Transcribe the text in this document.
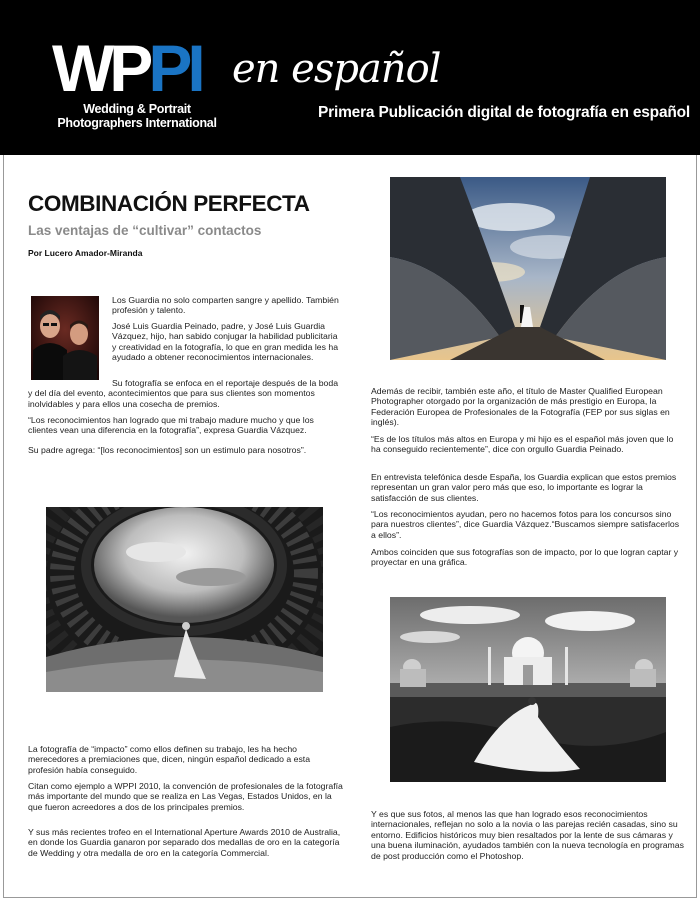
WPPI
Wedding & Portrait
Photographers International
en español
Primera Publicación digital de fotografía en español
COMBINACIÓN PERFECTA
Las ventajas de “cultivar” contactos
Por Lucero Amador-Miranda

Los Guardia no solo comparten sangre y apellido. También profesión y talento.

José Luis Guardia Peinado, padre, y José Luis Guardia Vázquez, hijo, han sabido conjugar la habilidad publicitaria y creatividad en la fotografía, lo que en gran medida les ha ayudado a obtener reconocimientos internacionales.

Su fotografía se enfoca en el reportaje después de la boda y del día del evento, acontecimientos que para sus clientes son momentos inolvidables y para ellos una cosecha de premios.

“Los reconocimientos han logrado que mi trabajo madure mucho y que los clientes vean una diferencia en la fotografía”, expresa Guardia Vázquez.

Su padre agrega: “[los reconocimientos] son un estimulo para nosotros”.

La fotografía de “impacto” como ellos definen su trabajo, les ha hecho merecedores a premiaciones que, dicen, ningún español dedicado a esta profesión había conseguido.

Citan como ejemplo a WPPI 2010, la convención de profesionales de la fotografía más importante del mundo que se realiza en Las Vegas, Estados Unidos, en la que fueron acreedores a dos de los principales premios.

Y sus más recientes trofeo en el International Aperture Awards 2010 de Australia, en donde los Guardia ganaron por separado dos medallas de oro en la categoría de Wedding y otra medalla de oro en la categoría Commercial.

Además de recibir, también este año, el título de Master Qualified European Photographer otorgado por la organización de más prestigio en Europa, la Federación Europea de Profesionales de la Fotografía (FEP por sus siglas en inglés).

“Es de los títulos más altos en Europa y mi hijo es el español más joven que lo ha conseguido recientemente”, dice con orgullo Guardia Peinado.

En entrevista telefónica desde España, los Guardia explican que estos premios representan un gran valor pero más que eso, lo importante es lograr la satisfacción de sus clientes.

“Los reconocimientos ayudan, pero no hacemos fotos para los concursos sino para nuestros clientes”, dice Guardia Vázquez.“Buscamos siempre satisfacerlos a ellos”.

Ambos coinciden que sus fotografías son de impacto, por lo que logran captar y proyectar en una gráfica.

Y es que sus fotos, al menos las que han logrado esos reconocimientos internacionales, reflejan no solo a la novia o las parejas recién casadas, sino su entorno. Edificios históricos muy bien resaltados por la lente de sus cámaras y una buena iluminación, ayudados también con la nueva tecnología en programas de post producción como el Photoshop.
